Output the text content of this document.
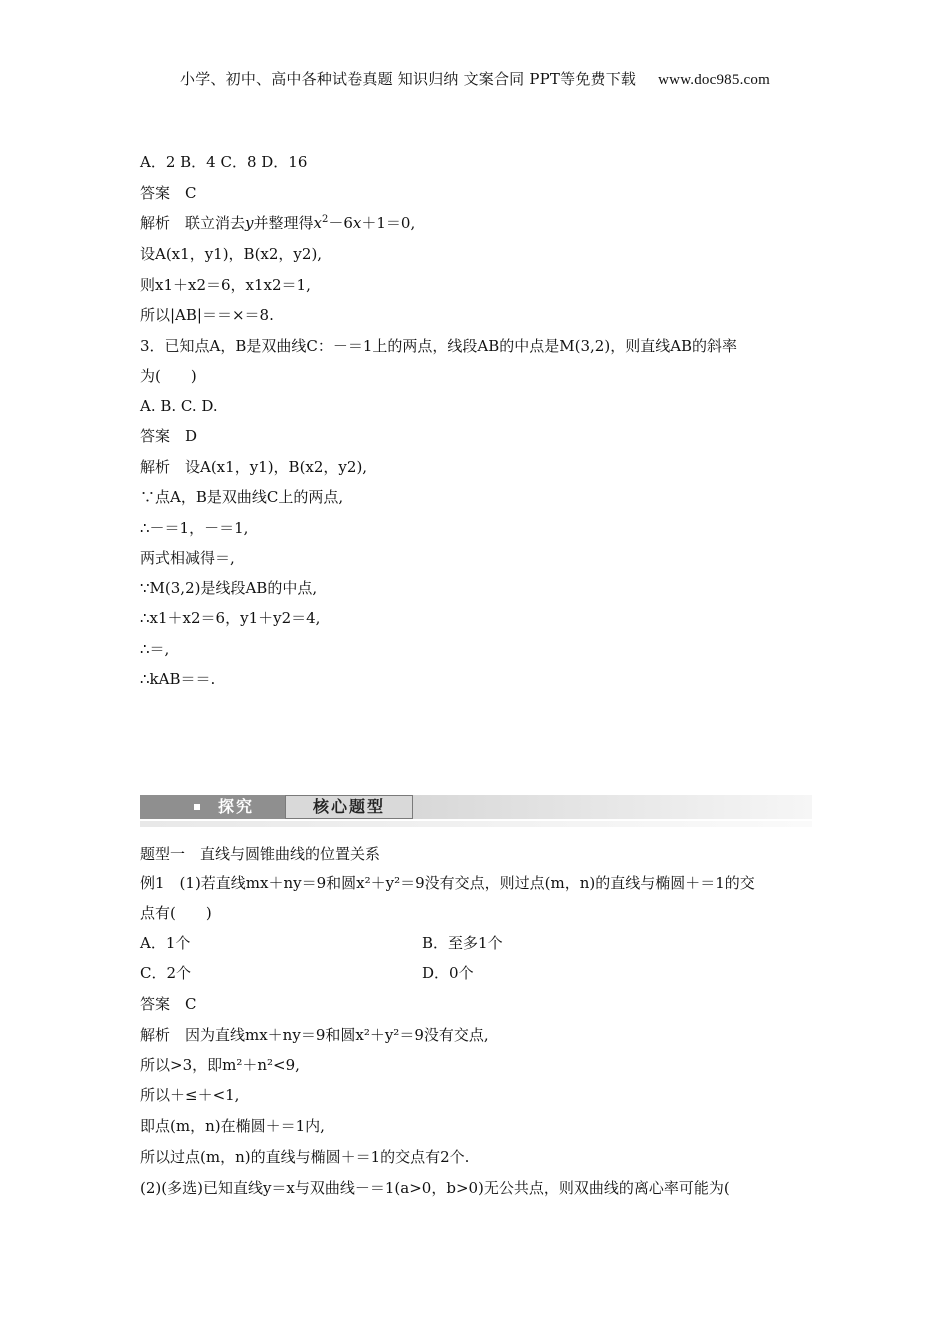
小学、初中、高中各种试卷真题 知识归纳 文案合同 PPT等免费下载 www.doc985.com
A．2 B．4 C．8 D．16
答案　C
解析　联立消去y并整理得$x^2-6x+1=0$,
设A(x1，y1)，B(x2，y2),
则x1＋x2＝6，x1x2＝1,
所以|AB|＝＝×＝8.
3．已知点A，B是双曲线C：－＝1上的两点，线段AB的中点是M(3,2)，则直线AB的斜率
为(　　)
A. B. C. D.
答案　D
解析　设A(x1，y1)，B(x2，y2),
∵点A，B是双曲线C上的两点,
∴－＝1，－＝1,
两式相减得＝,
∵M(3,2)是线段AB的中点,
∴x1＋x2＝6，y1＋y2＝4,
∴＝,
∴kAB＝＝.
探究	核心题型
题型一　直线与圆锥曲线的位置关系
例1　(1)若直线mx＋ny＝9和圆x²＋y²＝9没有交点，则过点(m，n)的直线与椭圆＋＝1的交
点有(　　)
A．1个	B．至多1个
C．2个	D．0个
答案　C
解析　因为直线mx＋ny＝9和圆x²＋y²＝9没有交点,
所以>3，即m²＋n²<9,
所以＋≤＋<1,
即点(m，n)在椭圆＋＝1内,
所以过点(m，n)的直线与椭圆＋＝1的交点有2个.
(2)(多选)已知直线y＝x与双曲线－＝1(a>0，b>0)无公共点，则双曲线的离心率可能为(
